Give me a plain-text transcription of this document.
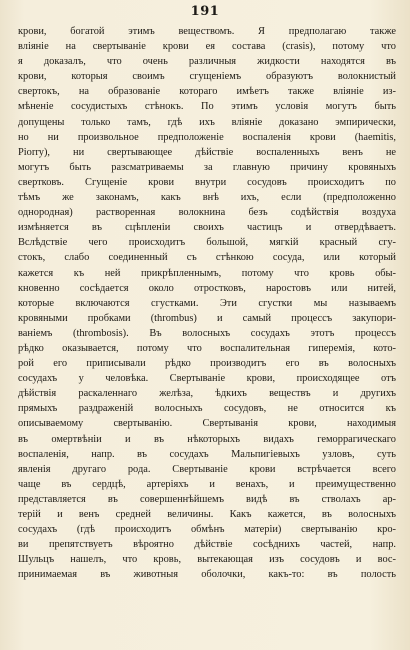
191
крови, богатой этимъ веществомъ. Я предполагаю также
вліяніе на свертываніе крови ея состава (crasis), потому что
я доказалъ, что очень различныя жидкости находятся въ
крови, которыя своимъ сгущеніемъ образуютъ волокнистый
свертокъ, на образованіе котораго имѣетъ также вліяніе из-
мѣненіе сосудистыхъ стѣнокъ. По этимъ условія могутъ быть
допущены только тамъ, гдѣ ихъ вліяніе доказано эмпирически,
но ни произвольное предположеніе воспаленія крови (haemitis,
Piorry), ни свертывающее дѣйствіе воспаленныхъ венъ не
могутъ быть разсматриваемы за главную причину кровяныхъ
свертковъ. Сгущеніе крови внутри сосудовъ происходитъ по
тѣмъ же законамъ, какъ внѣ ихъ, если (предположенно
однородная) растворенная волокнина безъ содѣйствія воздуха
измѣняется въ сцѣпленіи своихъ частицъ и отвердѣваетъ.
Вслѣдствіе чего происходитъ большой, мягкій красный сгу-
стокъ, слабо соединенный съ стѣнкою сосуда, или который
кажется къ ней прикрѣпленнымъ, потому что кровь обы-
кновенно сосѣдается около отростковъ, наростовъ или нитей,
которые включаются сгустками. Эти сгустки мы называемъ
кровяными пробками (thrombus) и самый процессъ закупори-
ваніемъ (thrombosis). Въ волосныхъ сосудахъ этотъ процессъ
рѣдко оказывается, потому что воспалительная гиперемія, кото-
рой его приписывали рѣдко производитъ его въ волосныхъ
сосудахъ у человѣка. Свертываніе крови, происходящее отъ
дѣйствія раскаленнаго желѣза, ѣдкихъ веществъ и другихъ
прямыхъ раздраженій волосныхъ сосудовъ, не относится къ
описываемому свертыванію. Свертыванія крови, находимыя
въ омертвѣніи и въ нѣкоторыхъ видахъ геморрагическаго
воспаленія, напр. въ сосудахъ Мальпигіевыхъ узловъ, суть
явленія другаго рода. Свертываніе крови встрѣчается всего
чаще въ сердцѣ, артеріяхъ и венахъ, и преимущественно
представляется въ совершеннѣйшемъ видѣ въ стволахъ ар-
терій и венъ средней величины. Какъ кажется, въ волосныхъ
сосудахъ (гдѣ происходитъ обмѣнъ матеріи) свертыванію кро-
ви препятствуетъ вѣроятно дѣйствіе сосѣднихъ частей, напр.
Шульцъ нашелъ, что кровь, вытекающая изъ сосудовъ и вос-
принимаемая въ животныя оболочки, какъ-то: въ полость
